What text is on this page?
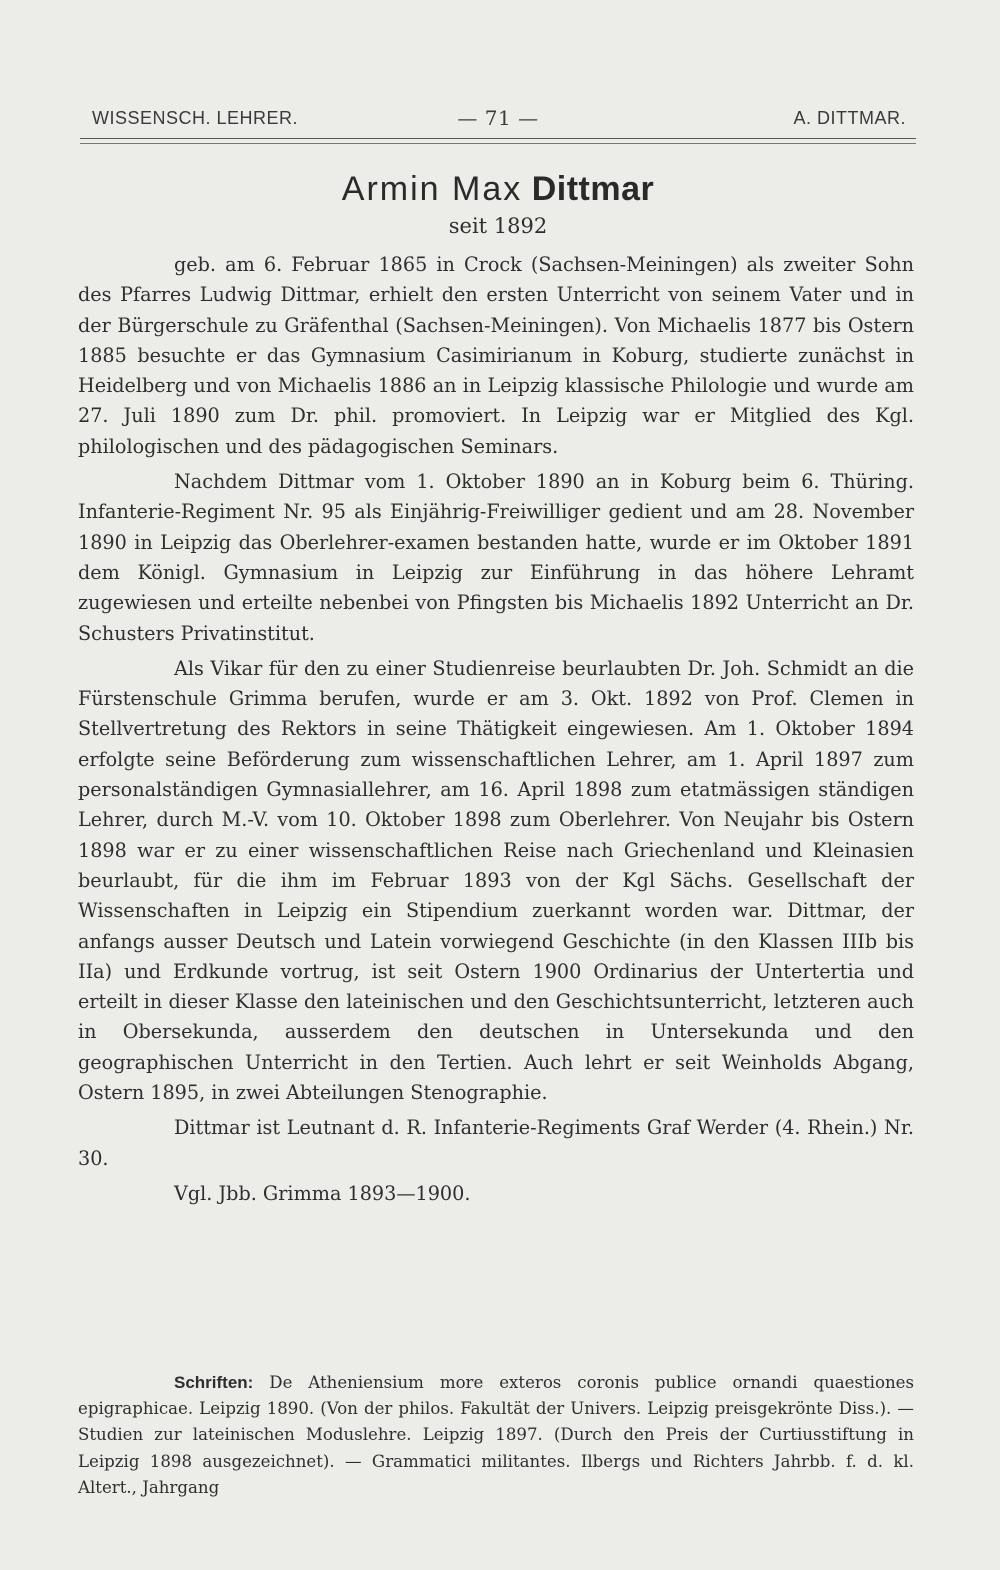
WISSENSCH. LEHRER.	— 71 —	A. DITTMAR.
Armin Max Dittmar
seit 1892

geb. am 6. Februar 1865 in Crock (Sachsen-Meiningen) als zweiter Sohn des Pfarres Ludwig Dittmar, erhielt den ersten Unterricht von seinem Vater und in der Bürgerschule zu Gräfenthal (Sachsen-Meiningen). Von Michaelis 1877 bis Ostern 1885 besuchte er das Gymnasium Casimirianum in Koburg, studierte zunächst in Heidelberg und von Michaelis 1886 an in Leipzig klassische Philologie und wurde am 27. Juli 1890 zum Dr. phil. promoviert. In Leipzig war er Mitglied des Kgl. philologischen und des pädagogischen Seminars.

Nachdem Dittmar vom 1. Oktober 1890 an in Koburg beim 6. Thüring. Infanterie-Regiment Nr. 95 als Einjährig-Freiwilliger gedient und am 28. November 1890 in Leipzig das Oberlehrer-examen bestanden hatte, wurde er im Oktober 1891 dem Königl. Gymnasium in Leipzig zur Einführung in das höhere Lehramt zugewiesen und erteilte nebenbei von Pfingsten bis Michaelis 1892 Unterricht an Dr. Schusters Privatinstitut.

Als Vikar für den zu einer Studienreise beurlaubten Dr. Joh. Schmidt an die Fürstenschule Grimma berufen, wurde er am 3. Okt. 1892 von Prof. Clemen in Stellvertretung des Rektors in seine Thätigkeit eingewiesen. Am 1. Oktober 1894 erfolgte seine Beförderung zum wissenschaftlichen Lehrer, am 1. April 1897 zum personalständigen Gymnasiallehrer, am 16. April 1898 zum etatmässigen ständigen Lehrer, durch M.-V. vom 10. Oktober 1898 zum Oberlehrer. Von Neujahr bis Ostern 1898 war er zu einer wissenschaftlichen Reise nach Griechenland und Kleinasien beurlaubt, für die ihm im Februar 1893 von der Kgl Sächs. Gesellschaft der Wissenschaften in Leipzig ein Stipendium zuerkannt worden war. Dittmar, der anfangs ausser Deutsch und Latein vorwiegend Geschichte (in den Klassen IIIb bis IIa) und Erdkunde vortrug, ist seit Ostern 1900 Ordinarius der Untertertia und erteilt in dieser Klasse den lateinischen und den Geschichtsunterricht, letzteren auch in Obersekunda, ausserdem den deutschen in Untersekunda und den geographischen Unterricht in den Tertien. Auch lehrt er seit Weinholds Abgang, Ostern 1895, in zwei Abteilungen Stenographie.

Dittmar ist Leutnant d. R. Infanterie-Regiments Graf Werder (4. Rhein.) Nr. 30.

Vgl. Jbb. Grimma 1893—1900.

Schriften: De Atheniensium more exteros coronis publice ornandi quaestiones epigraphicae. Leipzig 1890. (Von der philos. Fakultät der Univers. Leipzig preisgekrönte Diss.). — Studien zur lateinischen Moduslehre. Leipzig 1897. (Durch den Preis der Curtiusstiftung in Leipzig 1898 ausgezeichnet). — Grammatici militantes. Ilbergs und Richters Jahrbb. f. d. kl. Altert., Jahrgang
